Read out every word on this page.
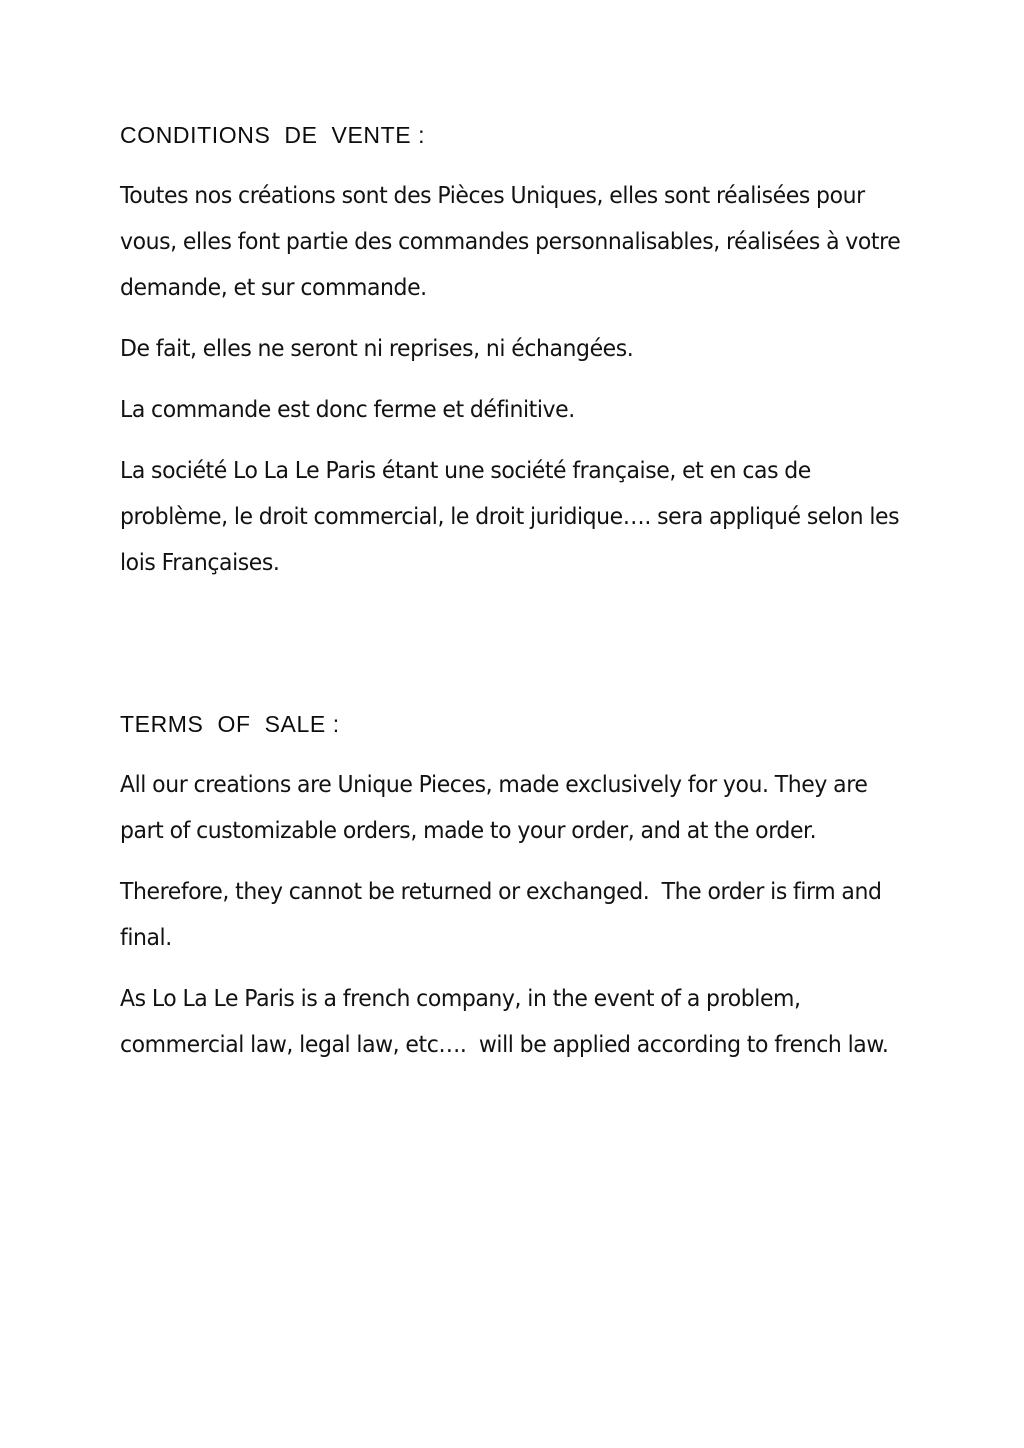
CONDITIONS  DE  VENTE :

Toutes nos créations sont des Pièces Uniques, elles sont réalisées pour vous, elles font partie des commandes personnalisables, réalisées à votre demande, et sur commande.

De fait, elles ne seront ni reprises, ni échangées.

La commande est donc ferme et définitive.

La société Lo La Le Paris étant une société française, et en cas de problème, le droit commercial, le droit juridique…. sera appliqué selon les lois Françaises.

TERMS  OF  SALE :

All our creations are Unique Pieces, made exclusively for you. They are part of customizable orders, made to your order, and at the order.

Therefore, they cannot be returned or exchanged.  The order is firm and final.

As Lo La Le Paris is a french company, in the event of a problem, commercial law, legal law, etc….  will be applied according to french law.
